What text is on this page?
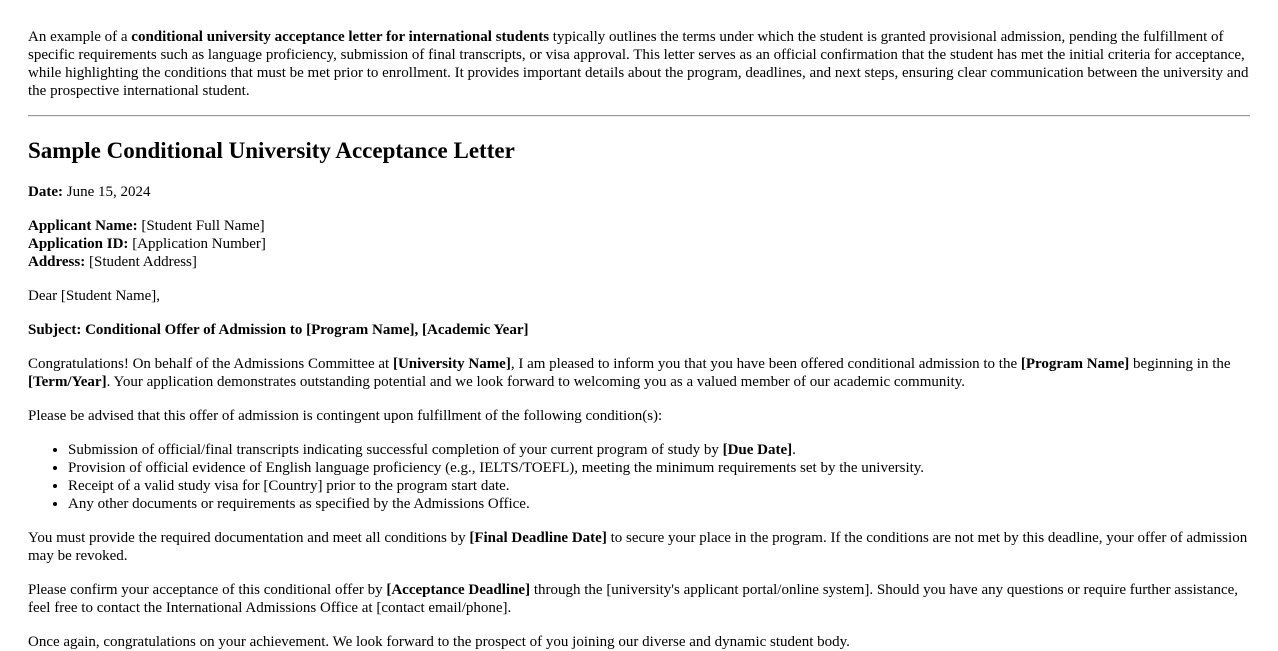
An example of a conditional university acceptance letter for international students typically outlines the terms under which the student is granted provisional admission, pending the fulfillment of specific requirements such as language proficiency, submission of final transcripts, or visa approval. This letter serves as an official confirmation that the student has met the initial criteria for acceptance, while highlighting the conditions that must be met prior to enrollment. It provides important details about the program, deadlines, and next steps, ensuring clear communication between the university and the prospective international student.

Sample Conditional University Acceptance Letter

Date: June 15, 2024

Applicant Name: [Student Full Name]

Application ID: [Application Number]

Address: [Student Address]

Dear [Student Name],

Subject: Conditional Offer of Admission to [Program Name], [Academic Year]

Congratulations! On behalf of the Admissions Committee at [University Name], I am pleased to inform you that you have been offered conditional admission to the [Program Name] beginning in the [Term/Year]. Your application demonstrates outstanding potential and we look forward to welcoming you as a valued member of our academic community.

Please be advised that this offer of admission is contingent upon fulfillment of the following condition(s):

• Submission of official/final transcripts indicating successful completion of your current program of study by [Due Date].
• Provision of official evidence of English language proficiency (e.g., IELTS/TOEFL), meeting the minimum requirements set by the university.
• Receipt of a valid study visa for [Country] prior to the program start date.
• Any other documents or requirements as specified by the Admissions Office.

You must provide the required documentation and meet all conditions by [Final Deadline Date] to secure your place in the program. If the conditions are not met by this deadline, your offer of admission may be revoked.

Please confirm your acceptance of this conditional offer by [Acceptance Deadline] through the [university's applicant portal/online system]. Should you have any questions or require further assistance, feel free to contact the International Admissions Office at [contact email/phone].

Once again, congratulations on your achievement. We look forward to the prospect of you joining our diverse and dynamic student body.
